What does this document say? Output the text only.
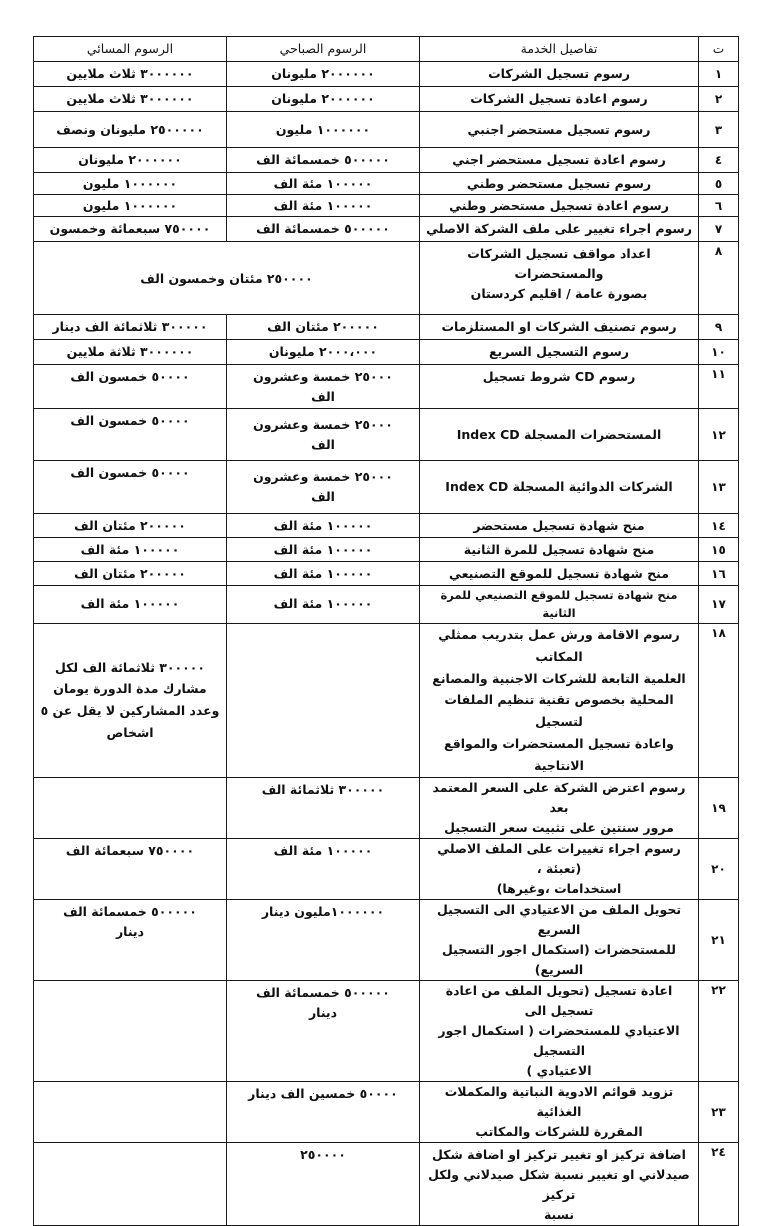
ت	تفاصيل الخدمة	الرسوم الصباحي	الرسوم المسائي
١	رسوم تسجيل الشركات	٢٠٠٠٠٠٠ مليونان	٣٠٠٠٠٠٠ ثلاث ملايين
٢	رسوم اعادة تسجيل الشركات	٢٠٠٠٠٠٠ مليونان	٣٠٠٠٠٠٠ ثلاث ملايين
٣	رسوم تسجيل مستحضر اجنبي	١٠٠٠٠٠٠ مليون	٢٥٠٠٠٠٠ مليونان ونصف
٤	رسوم اعادة تسجيل مستحضر اجني	٥٠٠٠٠٠ خمسمائة الف	٢٠٠٠٠٠٠ مليونان
٥	رسوم تسجيل مستحضر وطني	١٠٠٠٠٠ مئة الف	١٠٠٠٠٠٠ مليون
٦	رسوم اعادة تسجيل مستحضر وطني	١٠٠٠٠٠ مئة الف	١٠٠٠٠٠٠ مليون
٧	رسوم اجراء تغيير على ملف الشركة الاصلي	٥٠٠٠٠٠ خمسمائة الف	٧٥٠٠٠٠ سبعمائة وخمسون
٨	اعداد مواقف تسجيل الشركات والمستحضرات
بصورة عامة / اقليم كردستان	٢٥٠٠٠٠ مئتان وخمسون الف	
٩	رسوم تصنيف الشركات او المستلزمات	٢٠٠٠٠٠ مئتان الف	٣٠٠٠٠٠ ثلاثمائة الف دينار
١٠	رسوم التسجيل السريع	٢٠٠٠،٠٠٠ مليونان	٣٠٠٠٠٠٠ ثلاثة ملايين
١١	رسوم CD شروط تسجيل	٢٥٠٠٠ خمسة وعشرون
الف	٥٠٠٠٠ خمسون الف
١٢	المستحضرات المسجلة Index CD	٢٥٠٠٠ خمسة وعشرون
الف	٥٠٠٠٠ خمسون الف
١٣	الشركات الدوائية المسجلة Index CD	٢٥٠٠٠ خمسة وعشرون
الف	٥٠٠٠٠ خمسون الف
١٤	منح شهادة تسجيل مستحضر	١٠٠٠٠٠ مئة الف	٢٠٠٠٠٠ مئتان الف
١٥	منح شهادة تسجيل للمرة الثانية	١٠٠٠٠٠ مئة الف	١٠٠٠٠٠ مئة الف
١٦	منح شهادة تسجيل للموقع التصنيعي	١٠٠٠٠٠ مئة الف	٢٠٠٠٠٠ مئتان الف
١٧	منح شهادة تسجيل للموقع التصنيعي للمرة الثانية	١٠٠٠٠٠ مئة الف	١٠٠٠٠٠ مئة الف
١٨	رسوم الاقامة ورش عمل بتدريب ممثلي المكاتب
العلمية التابعة للشركات الاجنبية والمصانع
المحلية بخصوص تقنية تنظيم الملفات لتسجيل
واعادة تسجيل المستحضرات والمواقع الانتاجية		٣٠٠٠٠٠ ثلاثمائة الف لكل
مشارك مدة الدورة يومان
وعدد المشاركين لا يقل عن ٥
اشخاص
١٩	رسوم اعترض الشركة على السعر المعتمد بعد
مرور سنتين على تثبيت سعر التسجيل	٣٠٠٠٠٠ ثلاثمائة الف	
٢٠	رسوم اجراء تغييرات على الملف الاصلي (تعبئة ،
استخدامات ،وغيرها)	١٠٠٠٠٠ مئة الف	٧٥٠٠٠٠ سبعمائة الف
٢١	تحويل الملف من الاعتيادي الى التسجيل السريع
للمستحضرات (استكمال اجور التسجيل السريع)	١٠٠٠٠٠٠مليون دينار	٥٠٠٠٠٠ خمسمائة الف
دينار
٢٢	اعادة تسجيل (تحويل الملف من اعادة تسجيل الى
الاعتيادي للمستحضرات ( استكمال اجور التسجيل
الاعتيادي )	٥٠٠٠٠٠ خمسمائة الف
دينار	
٢٣	تزويد قوائم الادوية النباتية والمكملات الغذائية
المقررة للشركات والمكاتب	٥٠٠٠٠ خمسين الف دينار	
٢٤	اضافة تركيز او تغيير تركيز او اضافة شكل
صيدلاني او تغيير نسبة شكل صيدلاني ولكل تركيز
نسبة	٢٥٠٠٠٠	
